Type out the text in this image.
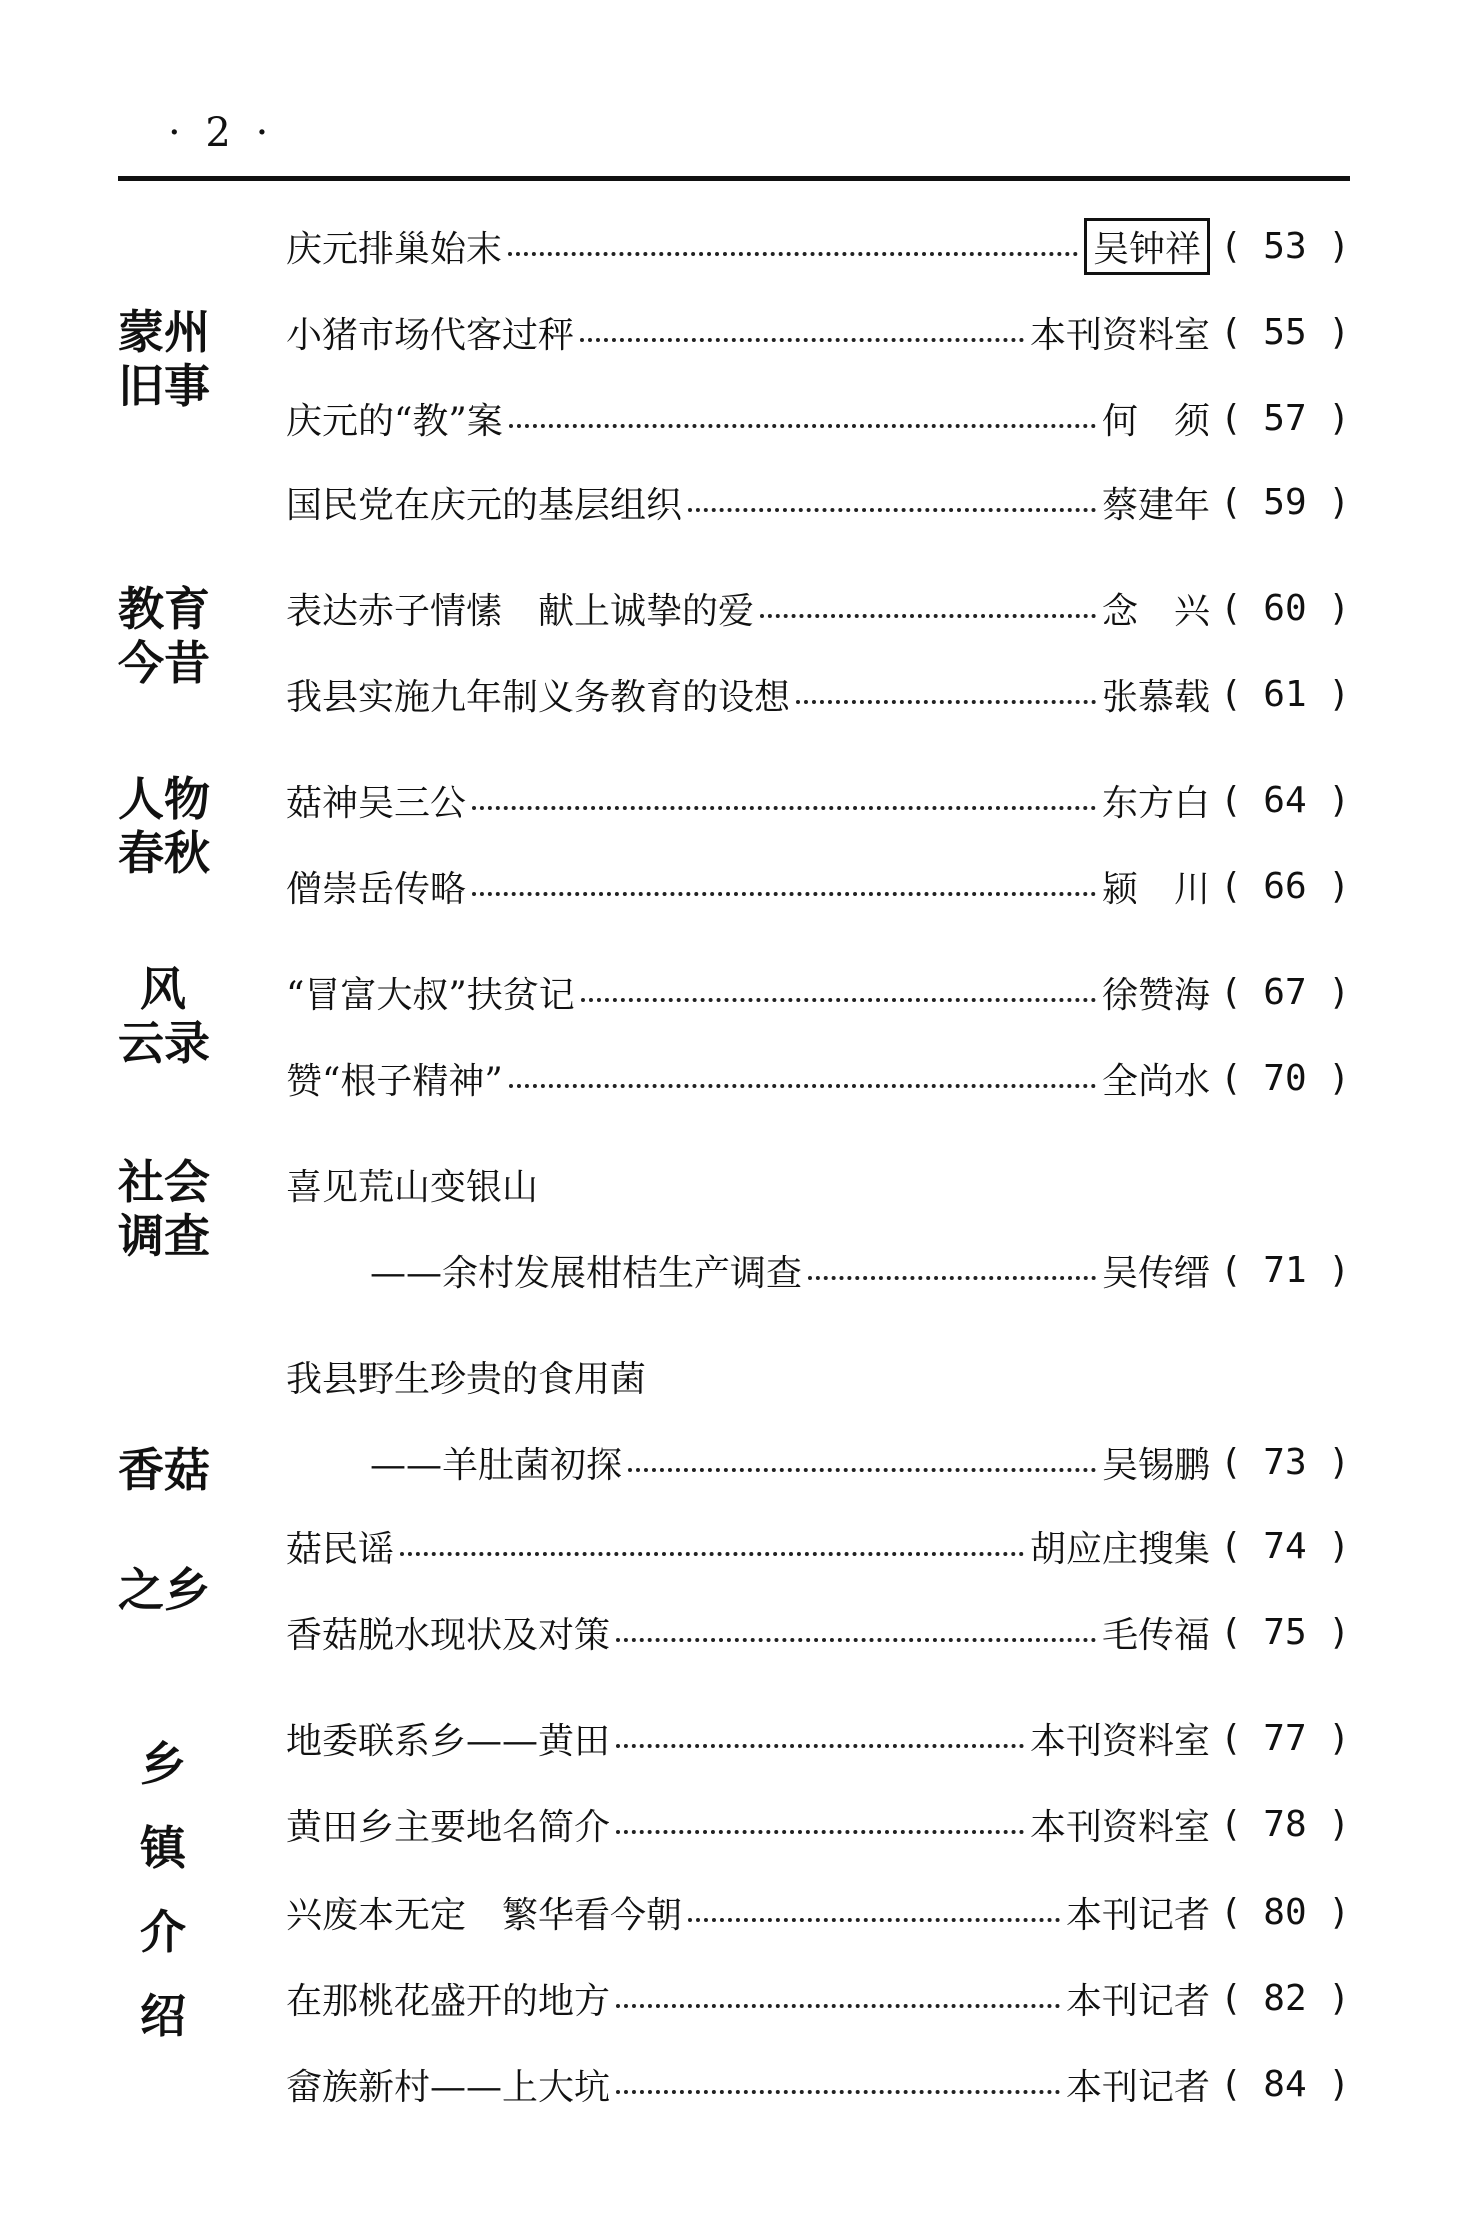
· 2 ·
蒙州
旧事
庆元排巢始末	吴钟祥 ( 53 )
小猪市场代客过秤	本刊资料室 ( 55 )
庆元的“教”案	何　须 ( 57 )
国民党在庆元的基层组织	蔡建年 ( 59 )
教育
今昔
表达赤子情愫　献上诚挚的爱	念　兴 ( 60 )
我县实施九年制义务教育的设想	张慕载 ( 61 )
人物
春秋
菇神吴三公	东方白 ( 64 )
僧崇岳传略	颍　川 ( 66 )
风
云录
“冒富大叔”扶贫记	徐赞海 ( 67 )
赞“根子精神”	全尚水 ( 70 )
社会
调查
喜见荒山变银山
——余村发展柑桔生产调查	吴传缙 ( 71 )
香菇
之乡
我县野生珍贵的食用菌
——羊肚菌初探	吴锡鹏 ( 73 )
菇民谣	胡应庄搜集 ( 74 )
香菇脱水现状及对策	毛传福 ( 75 )
乡
镇
介
绍
地委联系乡——黄田	本刊资料室 ( 77 )
黄田乡主要地名简介	本刊资料室 ( 78 )
兴废本无定　繁华看今朝	本刊记者 ( 80 )
在那桃花盛开的地方	本刊记者 ( 82 )
畲族新村——上大坑	本刊记者 ( 84 )
